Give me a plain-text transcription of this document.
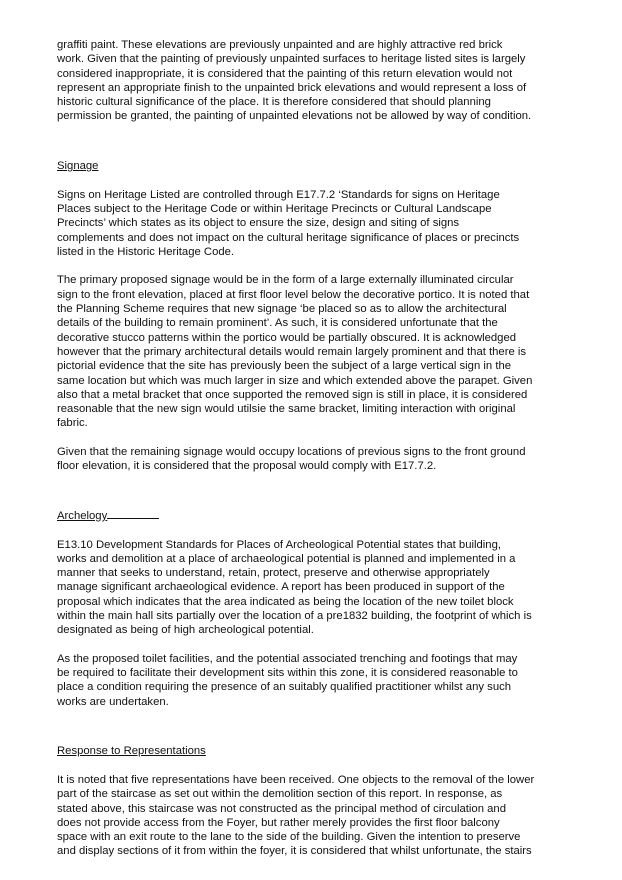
graffiti paint. These elevations are previously unpainted and are highly attractive red brick
work. Given that the painting of previously unpainted surfaces to heritage listed sites is largely
considered inappropriate, it is considered that the painting of this return elevation would not
represent an appropriate finish to the unpainted brick elevations and would represent a loss of
historic cultural significance of the place. It is therefore considered that should planning
permission be granted, the painting of unpainted elevations not be allowed by way of condition.
Signage
Signs on Heritage Listed are controlled through E17.7.2 ‘Standards for signs on Heritage
Places subject to the Heritage Code or within Heritage Precincts or Cultural Landscape
Precincts’ which states as its object to ensure the size, design and siting of signs
complements and does not impact on the cultural heritage significance of places or precincts
listed in the Historic Heritage Code.
The primary proposed signage would be in the form of a large externally illuminated circular
sign to the front elevation, placed at first floor level below the decorative portico. It is noted that
the Planning Scheme requires that new signage ‘be placed so as to allow the architectural
details of the building to remain prominent’. As such, it is considered unfortunate that the
decorative stucco patterns within the portico would be partially obscured. It is acknowledged
however that the primary architectural details would remain largely prominent and that there is
pictorial evidence that the site has previously been the subject of a large vertical sign in the
same location but which was much larger in size and which extended above the parapet. Given
also that a metal bracket that once supported the removed sign is still in place, it is considered
reasonable that the new sign would utilsie the same bracket, limiting interaction with original
fabric.
Given that the remaining signage would occupy locations of previous signs to the front ground
floor elevation, it is considered that the proposal would comply with E17.7.2.
Archelogy
E13.10 Development Standards for Places of Archeological Potential states that building,
works and demolition at a place of archaeological potential is planned and implemented in a
manner that seeks to understand, retain, protect, preserve and otherwise appropriately
manage significant archaeological evidence. A report has been produced in support of the
proposal which indicates that the area indicated as being the location of the new toilet block
within the main hall sits partially over the location of a pre1832 building, the footprint of which is
designated as being of high archeological potential.
As the proposed toilet facilities, and the potential associated trenching and footings that may
be required to facilitate their development sits within this zone, it is considered reasonable to
place a condition requiring the presence of an suitably qualified practitioner whilst any such
works are undertaken.
Response to Representations
It is noted that five representations have been received. One objects to the removal of the lower
part of the staircase as set out within the demolition section of this report. In response, as
stated above, this staircase was not constructed as the principal method of circulation and
does not provide access from the Foyer, but rather merely provides the first floor balcony
space with an exit route to the lane to the side of the building. Given the intention to preserve
and display sections of it from within the foyer, it is considered that whilst unfortunate, the stairs
